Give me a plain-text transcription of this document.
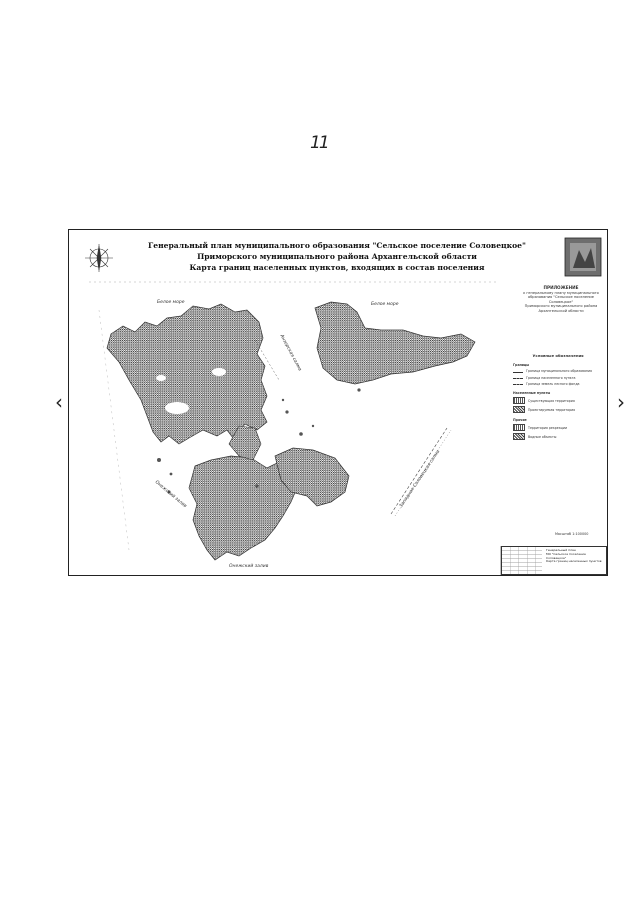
11
‹	›
Генеральный план муниципального образования "Сельское поселение Соловецкое"
Приморского муниципального района Архангельской области
Карта границ населенных пунктов, входящих в состав поселения
Белое море	Белое море
Анзерская салма
Онежский залив
Онежский залив
Западная Соловецкая салма
ПРИЛОЖЕНИЕ
к генеральному плану муниципального
образования "Сельское поселение Соловецкое"
Приморского муниципального района
Архангельской области
Условные обозначения
Границы
Граница муниципального образования
Граница населенного пункта
Граница земель лесного фонда
Населенные пункты
Существующая территория
Проектируемая территория
Прочие
Территория рекреации
Водные объекты
Масштаб 1:100000
Генеральный план
МО "Сельское поселение Соловецкое"
Карта границ населенных пунктов
